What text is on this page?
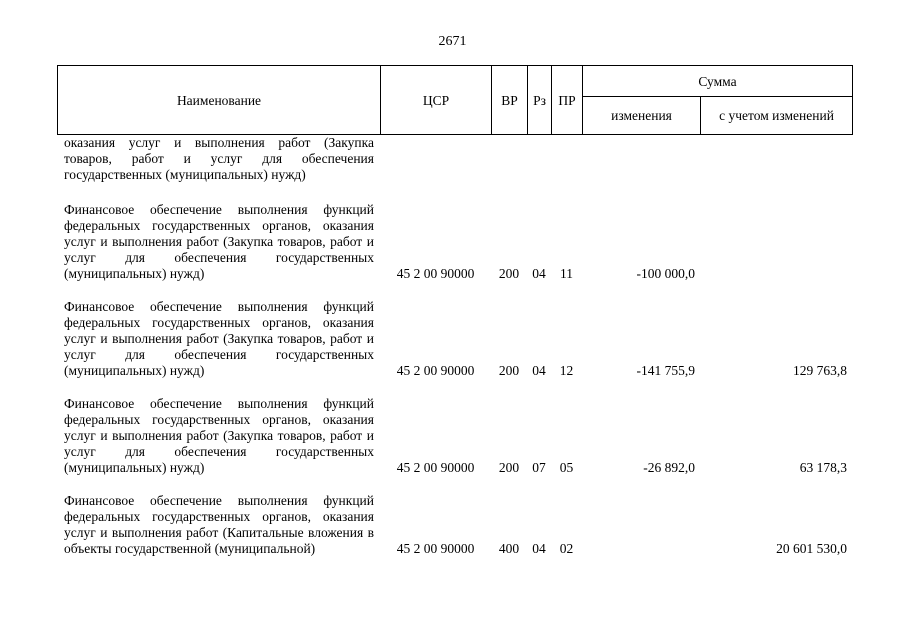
2671
Наименование	ЦСР	ВР	Рз	ПР	Сумма	
					изменения	с учетом изменений
оказания услуг и выполнения работ (Закупка товаров, работ и услуг для обеспечения государственных (муниципальных) нужд)						
Финансовое обеспечение выполнения функций федеральных государственных органов, оказания услуг и выполнения работ (Закупка товаров, работ и услуг для обеспечения государственных (муниципальных) нужд)	45 2 00 90000	200	04	11	-100 000,0	
Финансовое обеспечение выполнения функций федеральных государственных органов, оказания услуг и выполнения работ (Закупка товаров, работ и услуг для обеспечения государственных (муниципальных) нужд)	45 2 00 90000	200	04	12	-141 755,9	129 763,8
Финансовое обеспечение выполнения функций федеральных государственных органов, оказания услуг и выполнения работ (Закупка товаров, работ и услуг для обеспечения государственных (муниципальных) нужд)	45 2 00 90000	200	07	05	-26 892,0	63 178,3
Финансовое обеспечение выполнения функций федеральных государственных органов, оказания услуг и выполнения работ (Капитальные вложения в объекты государственной (муниципальной)	45 2 00 90000	400	04	02		20 601 530,0
